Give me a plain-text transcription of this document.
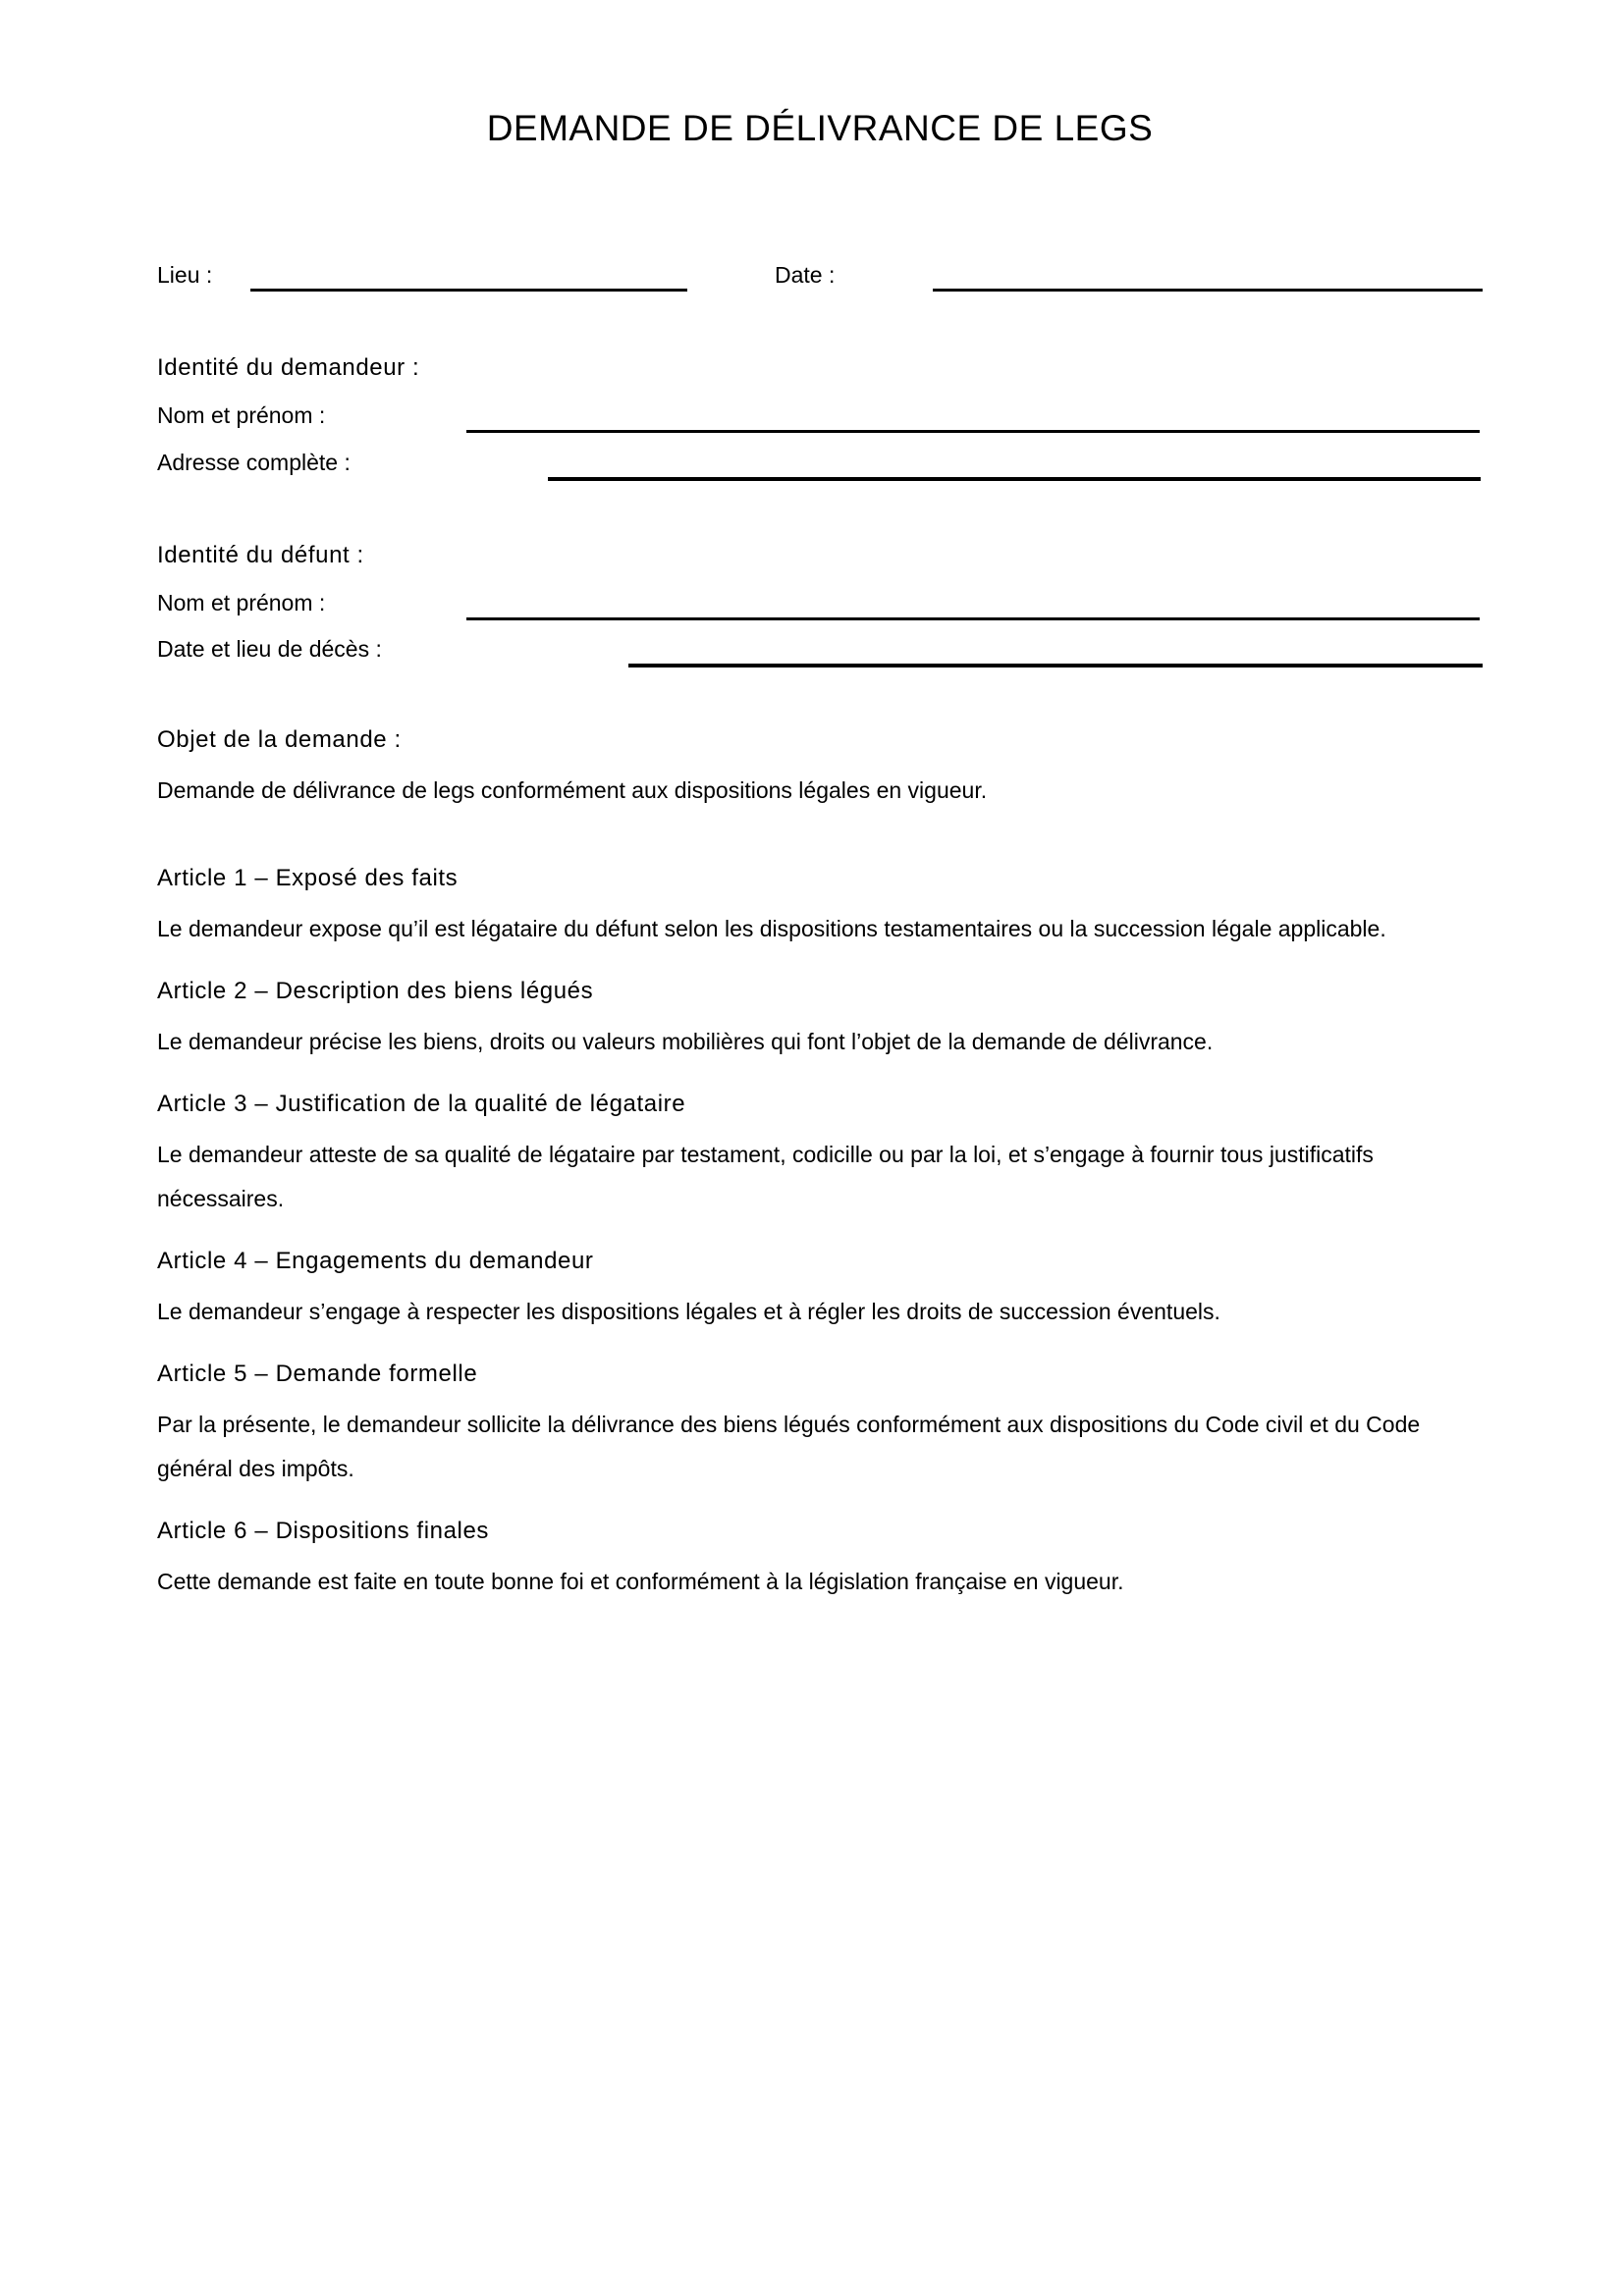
DEMANDE DE DÉLIVRANCE DE LEGS
Lieu :	Date :
Identité du demandeur :
Nom et prénom :
Adresse complète :
Identité du défunt :
Nom et prénom :
Date et lieu de décès :
Objet de la demande :
Demande de délivrance de legs conformément aux dispositions légales en vigueur.
Article 1 – Exposé des faits
Le demandeur expose qu’il est légataire du défunt selon les dispositions testamentaires ou la succession légale applicable.
Article 2 – Description des biens légués
Le demandeur précise les biens, droits ou valeurs mobilières qui font l’objet de la demande de délivrance.
Article 3 – Justification de la qualité de légataire
Le demandeur atteste de sa qualité de légataire par testament, codicille ou par la loi, et s’engage à fournir tous justificatifs nécessaires.
Article 4 – Engagements du demandeur
Le demandeur s’engage à respecter les dispositions légales et à régler les droits de succession éventuels.
Article 5 – Demande formelle
Par la présente, le demandeur sollicite la délivrance des biens légués conformément aux dispositions du Code civil et du Code général des impôts.
Article 6 – Dispositions finales
Cette demande est faite en toute bonne foi et conformément à la législation française en vigueur.
